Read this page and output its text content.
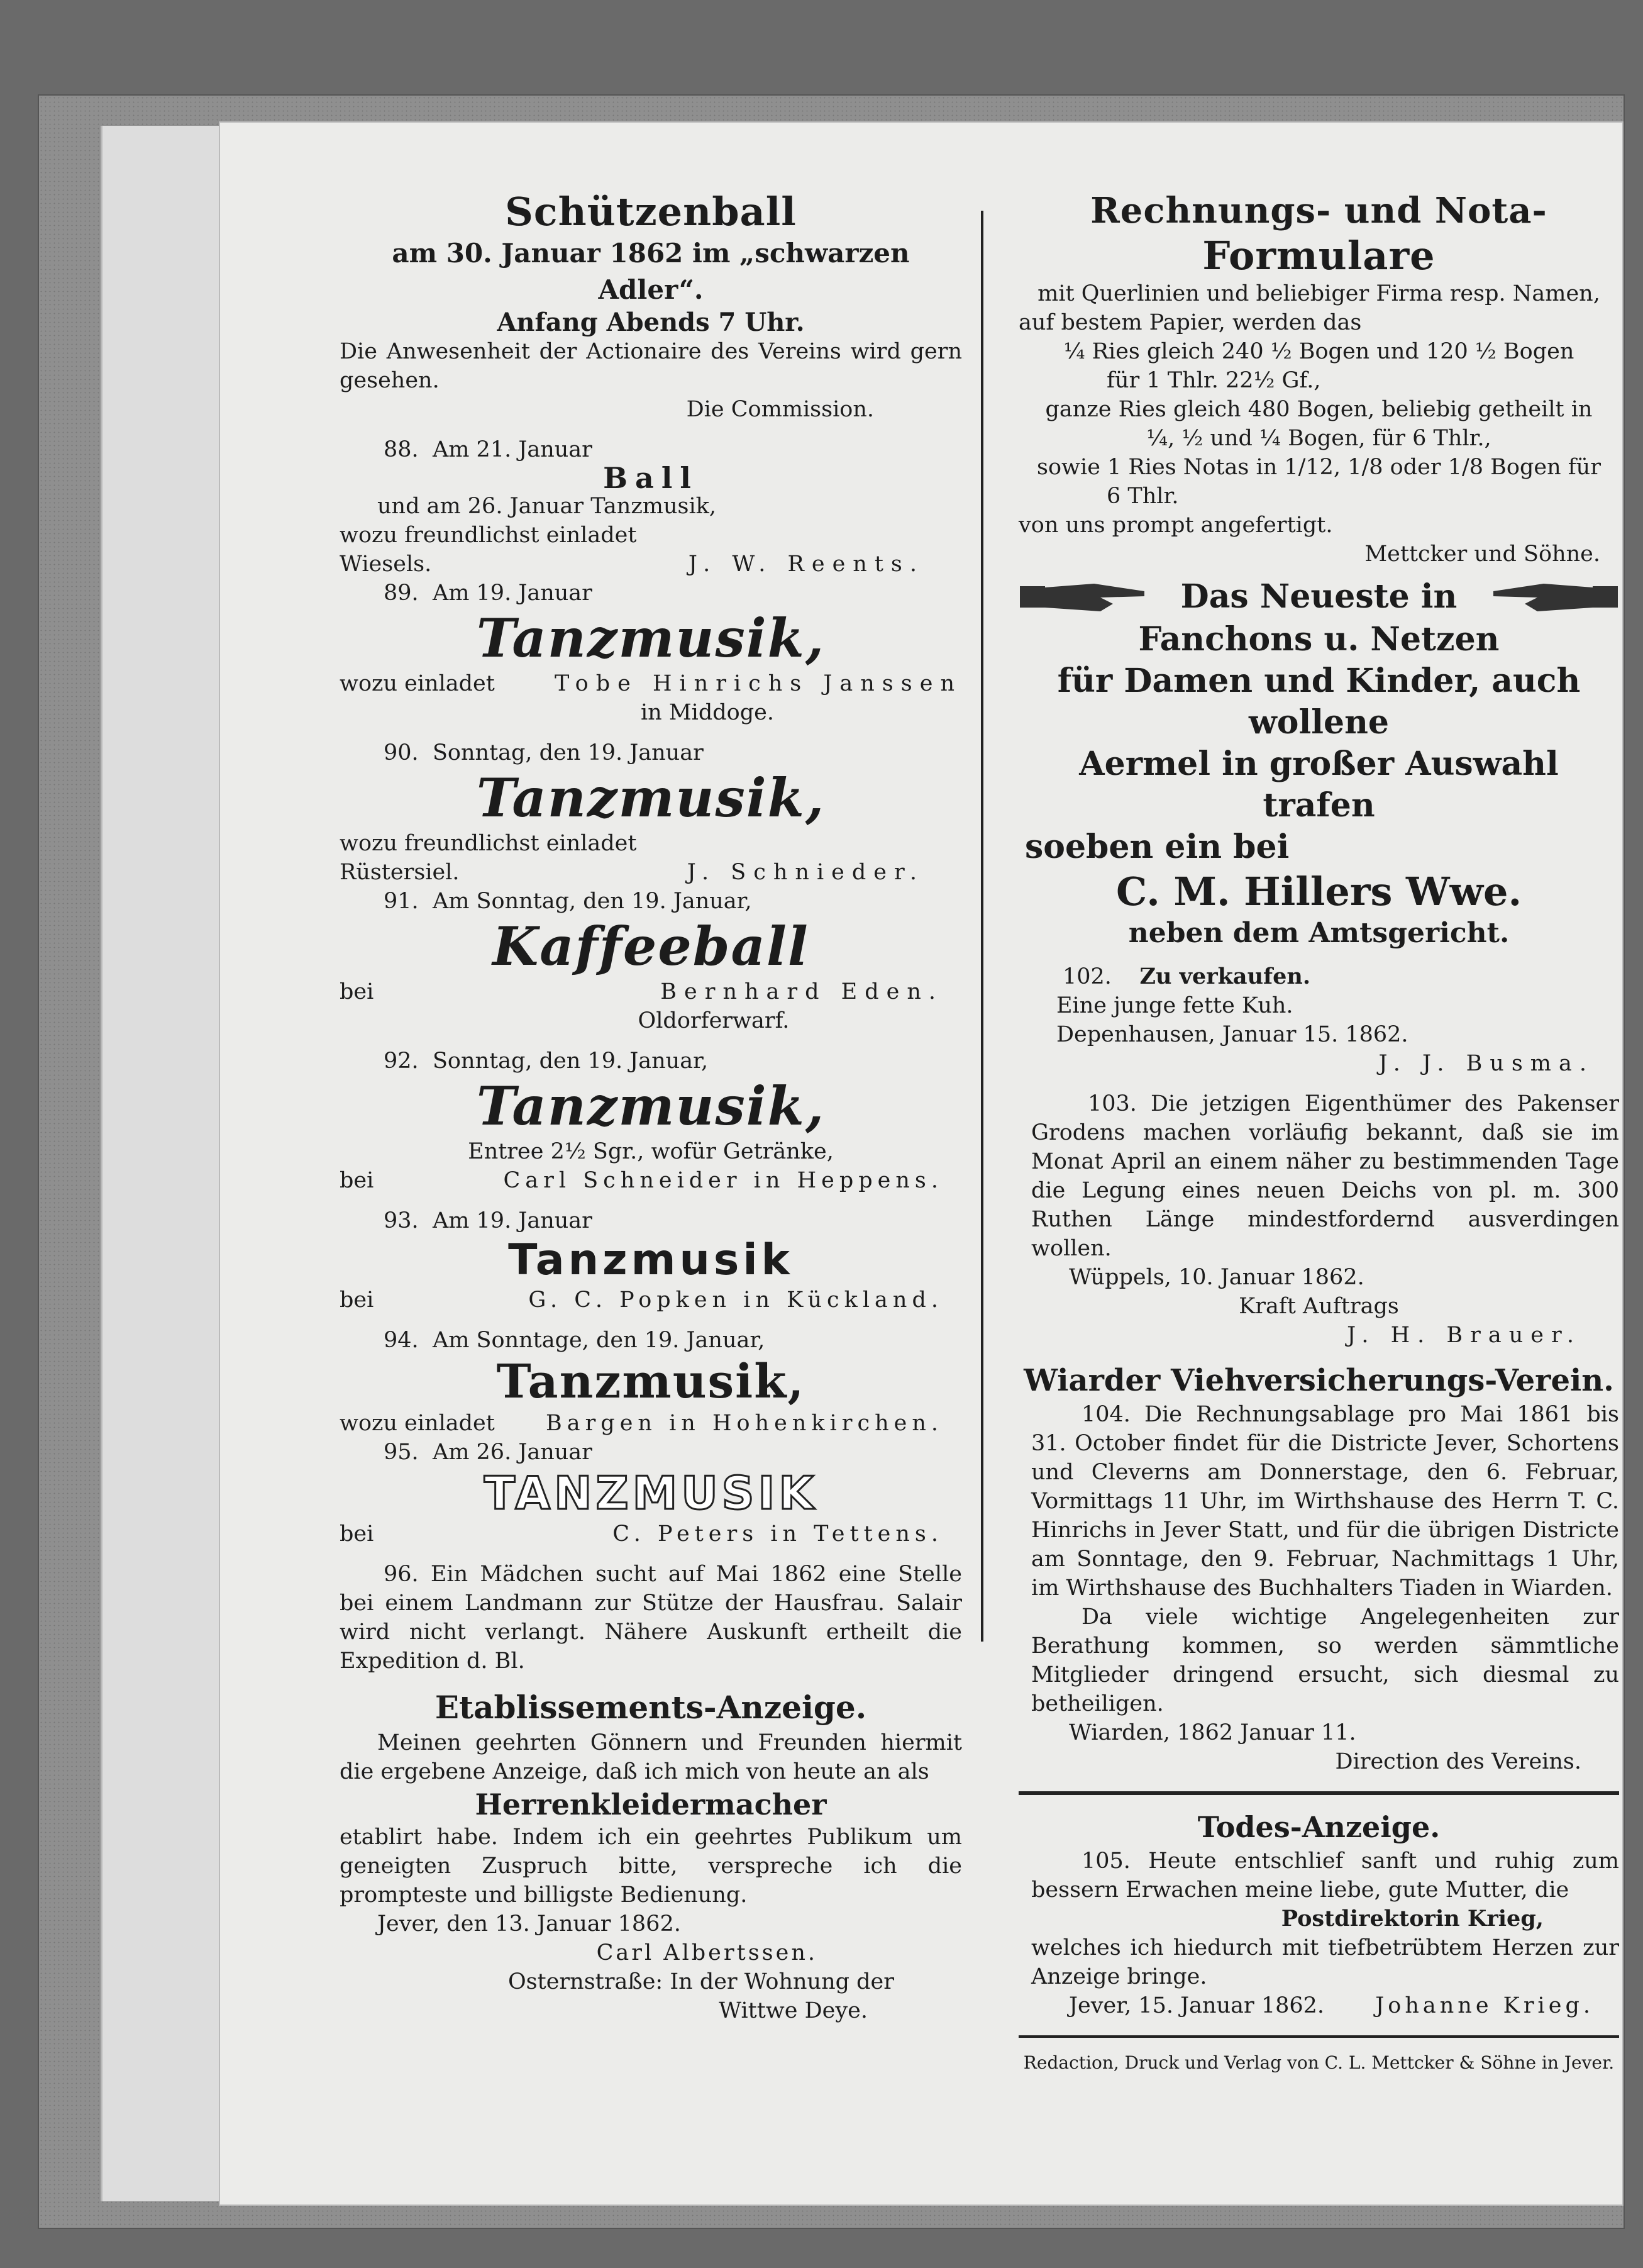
Schützenball
am 30. Januar 1862 im „schwarzen Adler“.
Anfang Abends 7 Uhr.
Die Anwesenheit der Actionaire des Vereins wird gern gesehen.
Die Commission.
88. Am 21. Januar
Ball
und am 26. Januar Tanzmusik,
wozu freundlichst einladet
Wiesels.	J. W. Reents.
89. Am 19. Januar
Tanzmusik,
wozu einladet	Tobe Hinrichs Janssen
in Middoge.
90. Sonntag, den 19. Januar
Tanzmusik,
wozu freundlichst einladet
Rüstersiel.	J. Schnieder.
91. Am Sonntag, den 19. Januar,
Kaffeeball
bei	Bernhard Eden.
Oldorferwarf.
92. Sonntag, den 19. Januar,
Tanzmusik,
Entree 2½ Sgr., wofür Getränke,
bei	Carl Schneider in Heppens.
93. Am 19. Januar
Tanzmusik
bei	G. C. Popken in Kückland.
94. Am Sonntage, den 19. Januar,
Tanzmusik,
wozu einladet Bargen in Hohenkirchen.
95. Am 26. Januar
TANZMUSIK
bei	C. Peters in Tettens.
96. Ein Mädchen sucht auf Mai 1862 eine Stelle bei einem Landmann zur Stütze der Hausfrau. Salair wird nicht verlangt. Nähere Auskunft ertheilt die Expedition d. Bl.
Etablissements-Anzeige.
Meinen geehrten Gönnern und Freunden hiermit die ergebene Anzeige, daß ich mich von heute an als
Herrenkleidermacher
etablirt habe. Indem ich ein geehrtes Publikum um geneigten Zuspruch bitte, verspreche ich die prompteste und billigste Bedienung.
Jever, den 13. Januar 1862.
Carl Albertssen.
Osternstraße: In der Wohnung der
Wittwe Deye.
Rechnungs- und Nota-
Formulare
mit Querlinien und beliebiger Firma resp. Namen,
auf bestem Papier, werden das
¼ Ries gleich 240 ½ Bogen und 120 ½ Bogen
für 1 Thlr. 22½ Gf.,
ganze Ries gleich 480 Bogen, beliebig getheilt in
¼, ½ und ¼ Bogen, für 6 Thlr.,
sowie 1 Ries Notas in 1/12, 1/8 oder 1/8 Bogen für
6 Thlr.
von uns prompt angefertigt.
Mettcker und Söhne.
Das Neueste in
Fanchons u. Netzen
für Damen und Kinder, auch wollene
Aermel in großer Auswahl trafen
soeben ein bei
C. M. Hillers Wwe.
neben dem Amtsgericht.
102. Zu verkaufen.
Eine junge fette Kuh.
Depenhausen, Januar 15. 1862.
J. J. Busma.
103. Die jetzigen Eigenthümer des Pakenser Grodens machen vorläufig bekannt, daß sie im Monat April an einem näher zu bestimmenden Tage die Legung eines neuen Deichs von pl. m. 300 Ruthen Länge mindestfordernd ausverdingen wollen.
Wüppels, 10. Januar 1862.
Kraft Auftrags
J. H. Brauer.
Wiarder Viehversicherungs-Verein.
104. Die Rechnungsablage pro Mai 1861 bis 31. October findet für die Districte Jever, Schortens und Cleverns am Donnerstage, den 6. Februar, Vormittags 11 Uhr, im Wirthshause des Herrn T. C. Hinrichs in Jever Statt, und für die übrigen Districte am Sonntage, den 9. Februar, Nachmittags 1 Uhr, im Wirthshause des Buchhalters Tiaden in Wiarden.
Da viele wichtige Angelegenheiten zur Berathung kommen, so werden sämmtliche Mitglieder dringend ersucht, sich diesmal zu betheiligen.
Wiarden, 1862 Januar 11.
Direction des Vereins.
Todes-Anzeige.
105. Heute entschlief sanft und ruhig zum bessern Erwachen meine liebe, gute Mutter, die
Postdirektorin Krieg,
welches ich hiedurch mit tiefbetrübtem Herzen zur Anzeige bringe.
Jever, 15. Januar 1862. Johanne Krieg.
Redaction, Druck und Verlag von C. L. Mettcker & Söhne in Jever.
